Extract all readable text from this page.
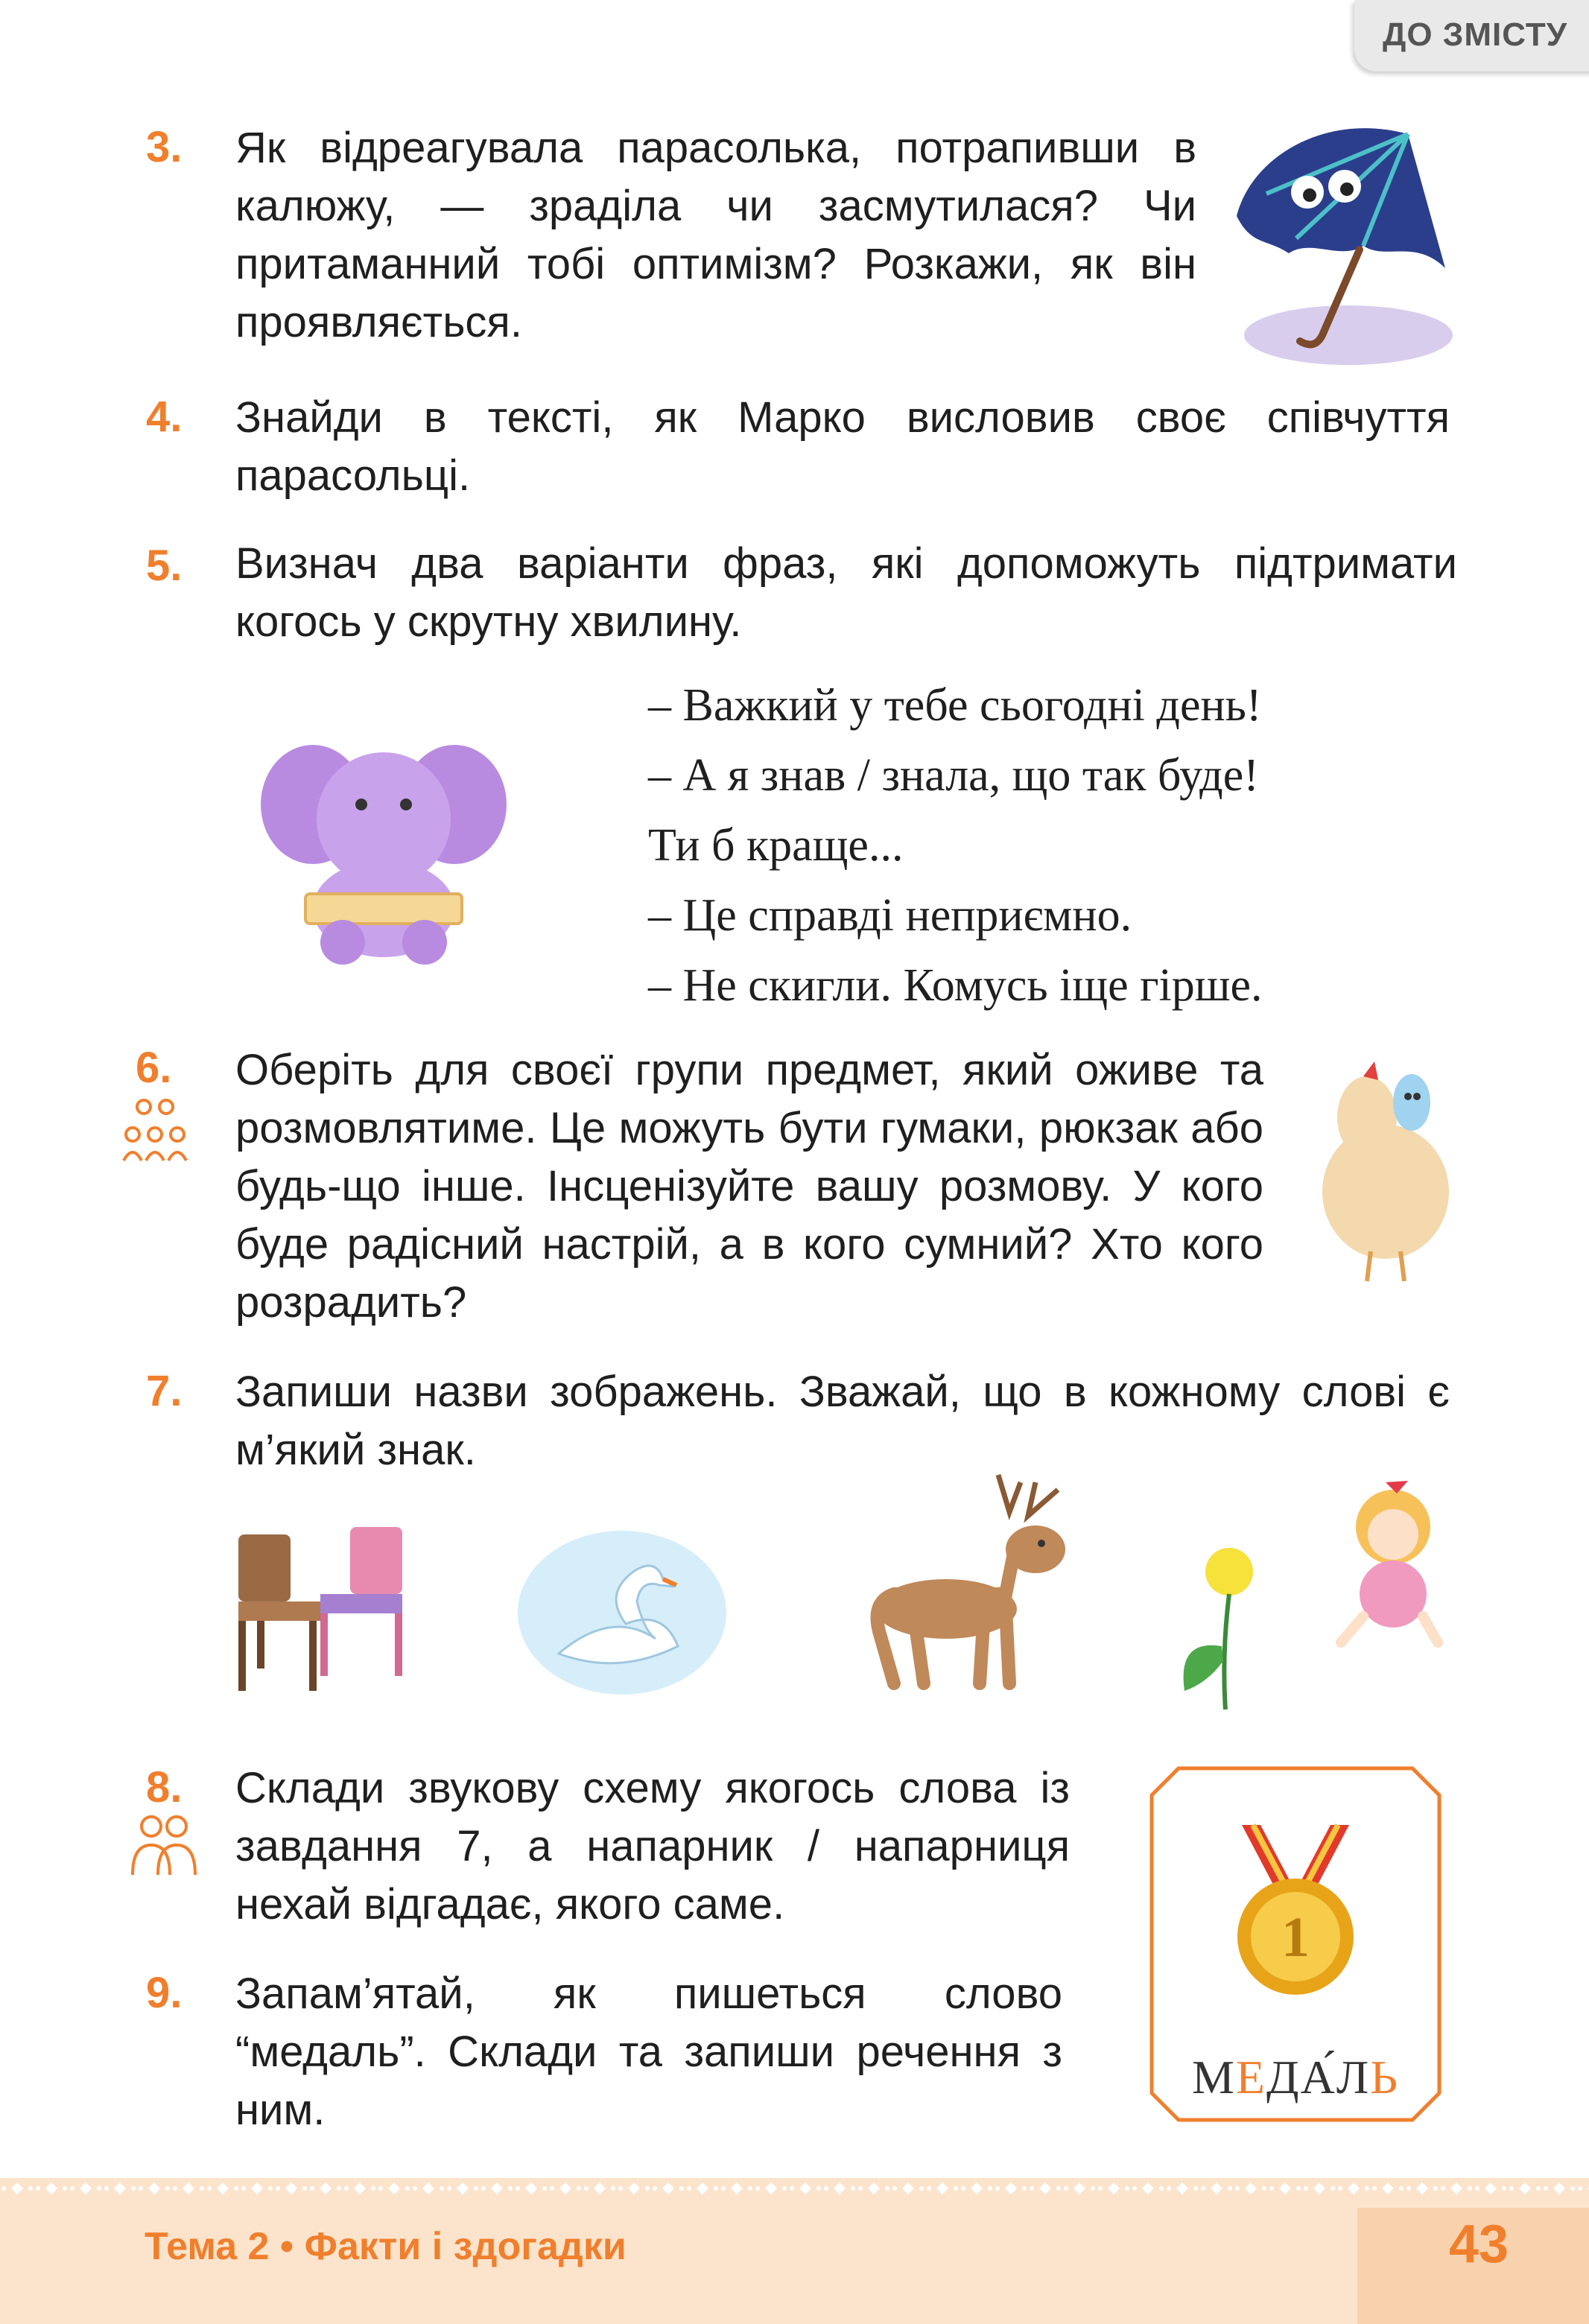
ДО ЗМІСТУ
3. Як відреагувала парасолька, потрапивши в калюжу, — зраділа чи засмутилася? Чи притаманний тобі оптимізм? Розкажи, як він проявляється.
4. Знайди в тексті, як Марко висловив своє співчуття парасольці.
5. Визнач два варіанти фраз, які допоможуть підтримати когось у скрутну хвилину.
– Важкий у тебе сьогодні день!
– А я знав / знала, що так буде!
Ти б краще...
– Це справді неприємно.
– Не скигли. Комусь іще гірше.
6. Оберіть для своєї групи предмет, який оживе та розмовлятиме. Це можуть бути гумаки, рюкзак або будь-що інше. Інсценізуйте вашу розмову. У кого буде радісний настрій, а в кого сумний? Хто кого розрадить?
7. Запиши назви зображень. Зважай, що в кожному слові є м’який знак.
8. Склади звукову схему якогось слова із завдання 7, а напарник / напарниця нехай відгадає, якого саме.
9. Запам’ятай, як пишеться слово “медаль”. Склади та запиши речення з ним.
1
МЕДА́ЛЬ
Тема 2 • Факти і здогадки	43
